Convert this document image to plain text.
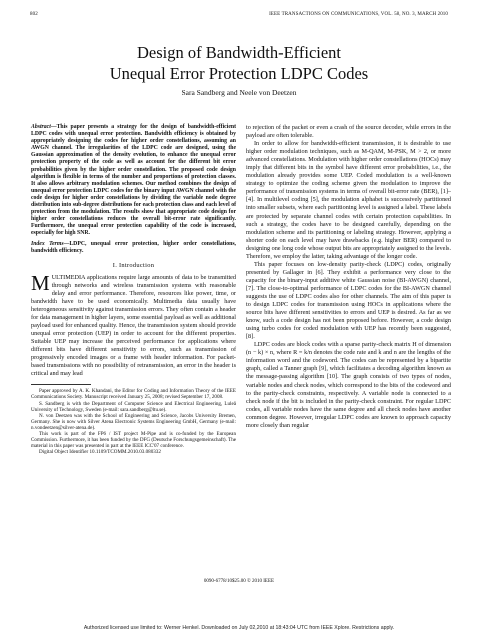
802	IEEE TRANSACTIONS ON COMMUNICATIONS, VOL. 58, NO. 3, MARCH 2010
Design of Bandwidth-Efficient
Unequal Error Protection LDPC Codes
Sara Sandberg and Neele von Deetzen

Abstract—This paper presents a strategy for the design of bandwidth-efficient LDPC codes with unequal error protection. Bandwidth efficiency is obtained by appropriately designing the codes for higher order constellations, assuming an AWGN channel. The irregularities of the LDPC code are designed, using the Gaussian approximation of the density evolution, to enhance the unequal error protection property of the code as well as account for the different bit error probabilities given by the higher order constellation. The proposed code design algorithm is flexible in terms of the number and proportions of protection classes. It also allows arbitrary modulation schemes. Our method combines the design of unequal error protection LDPC codes for the binary input AWGN channel with the code design for higher order constellations by dividing the variable node degree distribution into sub-degree distributions for each protection class and each level of protection from the modulation. The results show that appropriate code design for higher order constellations reduces the overall bit-error rate significantly. Furthermore, the unequal error protection capability of the code is increased, especially for high SNR.

Index Terms—LDPC, unequal error protection, higher order constellations, bandwidth efficiency.

I. Introduction

MULTIMEDIA applications require large amounts of data to be transmitted through networks and wireless transmission systems with reasonable delay and error performance. Therefore, resources like power, time, or bandwidth have to be used economically. Multimedia data usually have heterogeneous sensitivity against transmission errors. They often contain a header for data management in higher layers, some essential payload as well as additional payload used for enhanced quality. Hence, the transmission system should provide unequal error protection (UEP) in order to account for the different properties. Suitable UEP may increase the perceived performance for applications where different bits have different sensitivity to errors, such as transmission of progressively encoded images or a frame with header information. For packet-based transmissions with no possibility of retransmission, an error in the header is critical and may lead

Paper approved by A. K. Khandani, the Editor for Coding and Information Theory of the IEEE Communications Society. Manuscript received January 25, 2008; revised September 17, 2008.

S. Sandberg is with the Department of Computer Science and Electrical Engineering, Luleå University of Technology, Sweden (e-mail: sara.sandberg@ltu.se).

N. von Deetzen was with the School of Engineering and Science, Jacobs University Bremen, Germany. She is now with Silver Atena Electronic Systems Engineering GmbH, Germany (e-mail: n.vondeetzen@silver-atena.de).

This work is part of the FP6 / IST project M-Pipe and is co-funded by the European Commission. Furthermore, it has been funded by the DFG (Deutsche Forschungsgemeinschaft). The material in this paper was presented in part at the IEEE ICC'07 conference.

Digital Object Identifier 10.1109/TCOMM.2010.03.080332

to rejection of the packet or even a crash of the source decoder, while errors in the payload are often tolerable.

In order to allow for bandwidth-efficient transmission, it is desirable to use higher order modulation techniques, such as M-QAM, M-PSK, M > 2, or more advanced constellations. Modulation with higher order constellations (HOCs) may imply that different bits in the symbol have different error probabilities, i.e., the modulation already provides some UEP. Coded modulation is a well-known strategy to optimize the coding scheme given the modulation to improve the performance of transmission systems in terms of overall bit-error rate (BER), [1]–[4]. In multilevel coding [5], the modulation alphabet is successively partitioned into smaller subsets, where each partitioning level is assigned a label. These labels are protected by separate channel codes with certain protection capabilities. In such a strategy, the codes have to be designed carefully, depending on the modulation scheme and its partitioning or labeling strategy. However, applying a shorter code on each level may have drawbacks (e.g. higher BER) compared to designing one long code whose output bits are appropriately assigned to the levels. Therefore, we employ the latter, taking advantage of the longer code.

This paper focuses on low-density parity-check (LDPC) codes, originally presented by Gallager in [6]. They exhibit a performance very close to the capacity for the binary-input additive white Gaussian noise (BI-AWGN) channel, [7]. The close-to-optimal performance of LDPC codes for the BI-AWGN channel suggests the use of LDPC codes also for other channels. The aim of this paper is to design LDPC codes for transmission using HOCs in applications where the source bits have different sensitivities to errors and UEP is desired. As far as we know, such a code design has not been proposed before. However, a code design using turbo codes for coded modulation with UEP has recently been suggested, [8].

LDPC codes are block codes with a sparse parity-check matrix H of dimension (n − k) × n, where R = k/n denotes the code rate and k and n are the lengths of the information word and the codeword. The codes can be represented by a bipartite graph, called a Tanner graph [9], which facilitates a decoding algorithm known as the message-passing algorithm [10]. The graph consists of two types of nodes, variable nodes and check nodes, which correspond to the bits of the codeword and to the parity-check constraints, respectively. A variable node is connected to a check node if the bit is included in the parity-check constraint. For regular LDPC codes, all variable nodes have the same degree and all check nodes have another common degree. However, irregular LDPC codes are known to approach capacity more closely than regular

0090-6778/10$25.00 © 2010 IEEE
Authorized licensed use limited to: Werner Henkel. Downloaded on July 02,2010 at 18:43:04 UTC from IEEE Xplore. Restrictions apply.
